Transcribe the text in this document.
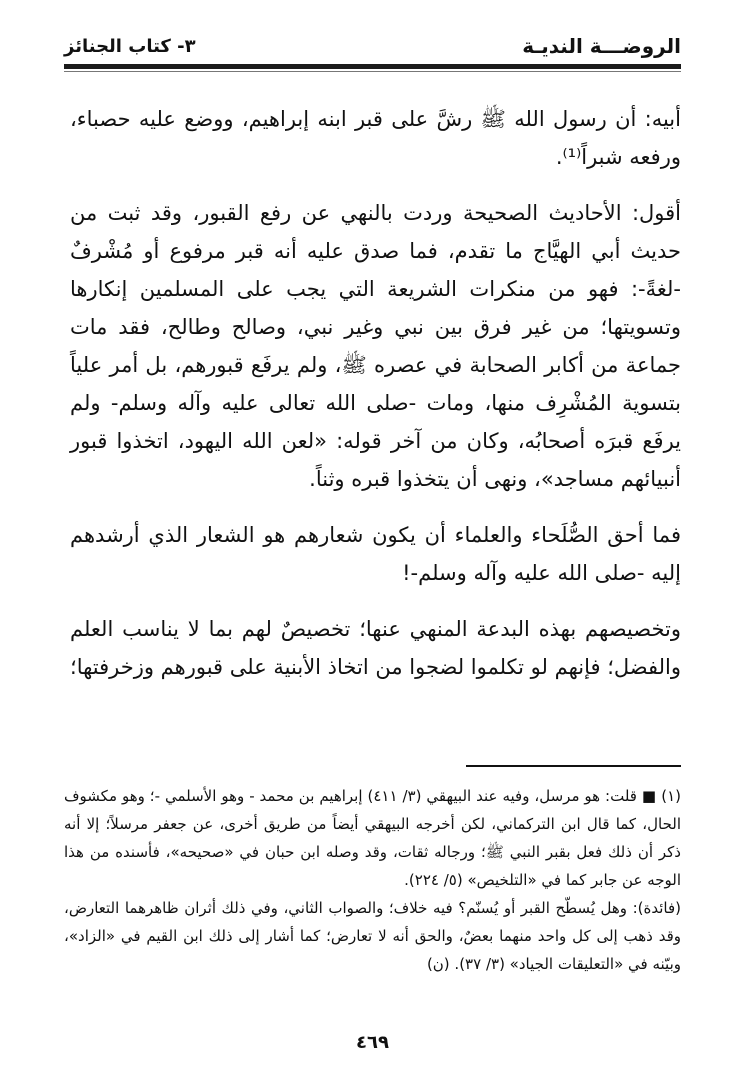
الروضـــة النديـة
٣- كتاب الجنائز

أبيه: أن رسول الله ﷺ رشَّ على قبر ابنه إبراهيم، ووضع عليه حصباء، ورفعه شبراً⁽¹⁾.

أقول: الأحاديث الصحيحة وردت بالنهي عن رفع القبور، وقد ثبت من حديث أبي الهيَّاج ما تقدم، فما صدق عليه أنه قبر مرفوع أو مُشْرفٌ -لغةً-: فهو من منكرات الشريعة التي يجب على المسلمين إنكارها وتسويتها؛ من غير فرق بين نبي وغير نبي، وصالح وطالح، فقد مات جماعة من أكابر الصحابة في عصره ﷺ، ولم يرفَع قبورهم، بل أمر علياً بتسوية المُشْرِف منها، ومات -صلى الله تعالى عليه وآله وسلم- ولم يرفَع قبرَه أصحابُه، وكان من آخر قوله: «لعن الله اليهود، اتخذوا قبور أنبيائهم مساجد»، ونهى أن يتخذوا قبره وثناً.

فما أحق الصُّلَحاء والعلماء أن يكون شعارهم هو الشعار الذي أرشدهم إليه -صلى الله عليه وآله وسلم-!

وتخصيصهم بهذه البدعة المنهي عنها؛ تخصيصٌ لهم بما لا يناسب العلم والفضل؛ فإنهم لو تكلموا لضجوا من اتخاذ الأبنية على قبورهم وزخرفتها؛

(١) ■ قلت: هو مرسل، وفيه عند البيهقي (٣/ ٤١١) إبراهيم بن محمد - وهو الأسلمي -؛ وهو مكشوف الحال، كما قال ابن التركماني، لكن أخرجه البيهقي أيضاً من طريق أخرى، عن جعفر مرسلاً؛ إلا أنه ذكر أن ذلك فعل بقبر النبي ﷺ؛ ورجاله ثقات، وقد وصله ابن حبان في «صحيحه»، فأسنده من هذا الوجه عن جابر كما في «التلخيص» (٥/ ٢٢٤).

(فائدة): وهل يُسطّح القبر أو يُسنّم؟ فيه خلاف؛ والصواب الثاني، وفي ذلك أثران ظاهرهما التعارض، وقد ذهب إلى كل واحد منهما بعضٌ، والحق أنه لا تعارض؛ كما أشار إلى ذلك ابن القيم في «الزاد»، وبيّنه في «التعليقات الجياد» (٣/ ٣٧). (ن)

٤٦٩
